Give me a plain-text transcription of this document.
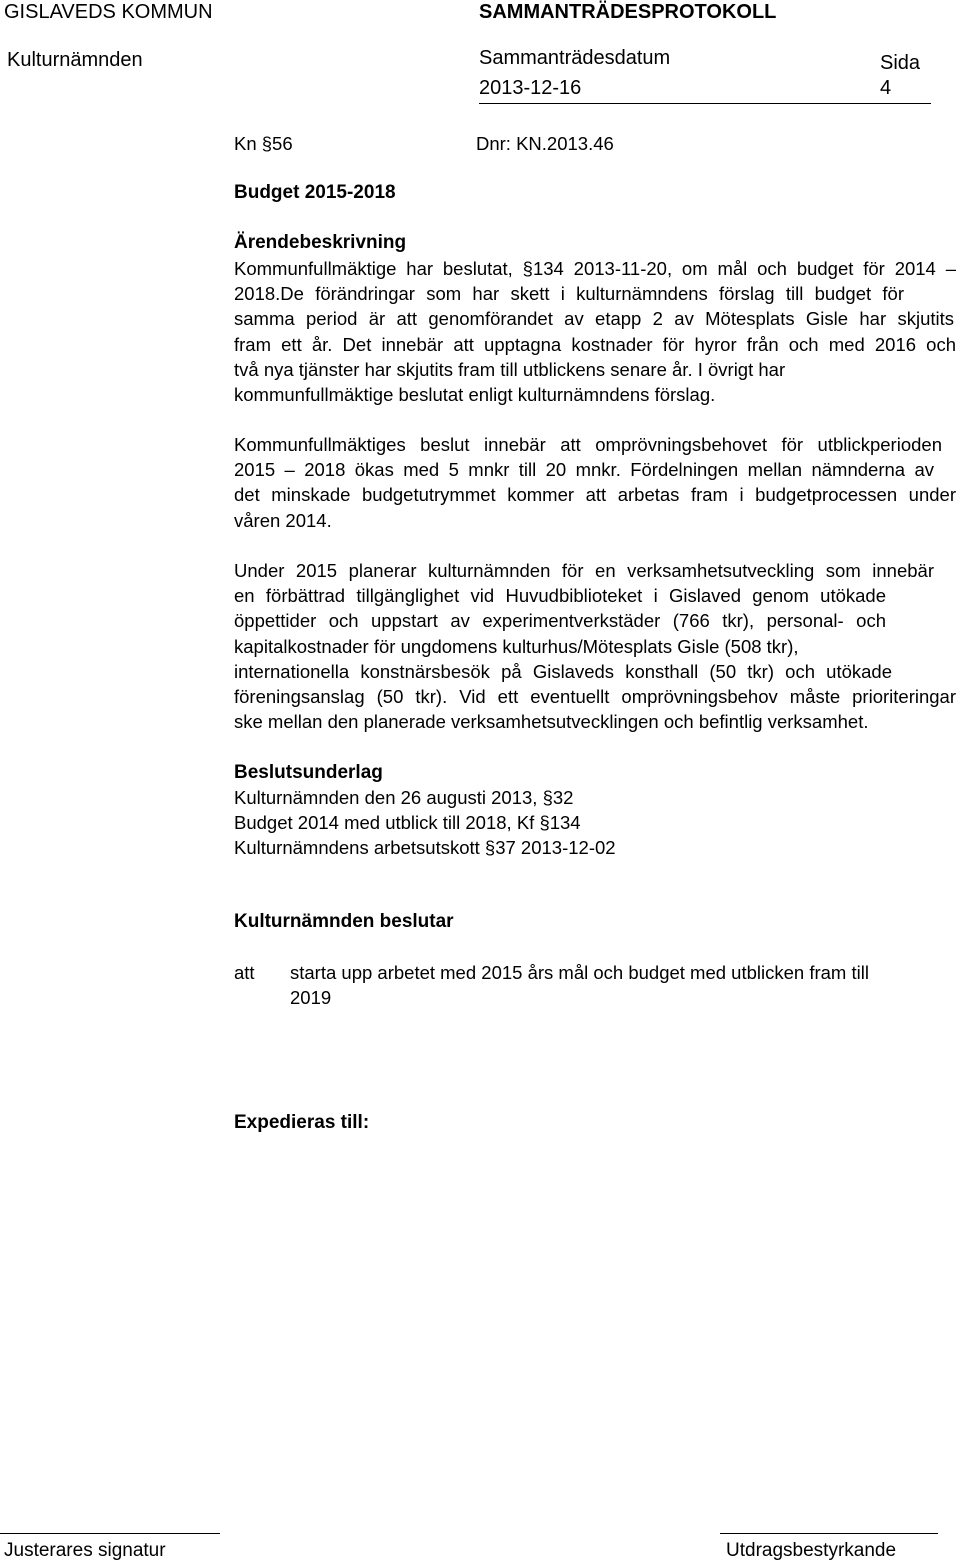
GISLAVEDS KOMMUN	SAMMANTRÄDESPROTOKOLL
Kulturnämnden	Sammanträdesdatum
2013-12-16
Sida
4
Kn §56	Dnr: KN.2013.46
Budget 2015-2018
Ärendebeskrivning
Kommunfullmäktige har beslutat, §134 2013-11-20, om mål och budget för 2014 –
2018.De förändringar som har skett i kulturnämndens förslag till budget för
samma period är att genomförandet av etapp 2 av Mötesplats Gisle har skjutits
fram ett år. Det innebär att upptagna kostnader för hyror från och med 2016 och
två nya tjänster har skjutits fram till utblickens senare år. I övrigt har
kommunfullmäktige beslutat enligt kulturnämndens förslag.
Kommunfullmäktiges beslut innebär att omprövningsbehovet för utblickperioden
2015 – 2018 ökas med 5 mnkr till 20 mnkr. Fördelningen mellan nämnderna av
det minskade budgetutrymmet kommer att arbetas fram i budgetprocessen under
våren 2014.
Under 2015 planerar kulturnämnden för en verksamhetsutveckling som innebär
en förbättrad tillgänglighet vid Huvudbiblioteket i Gislaved genom utökade
öppettider och uppstart av experimentverkstäder (766 tkr), personal- och
kapitalkostnader för ungdomens kulturhus/Mötesplats Gisle (508 tkr),
internationella konstnärsbesök på Gislaveds konsthall (50 tkr) och utökade
föreningsanslag (50 tkr). Vid ett eventuellt omprövningsbehov måste prioriteringar
ske mellan den planerade verksamhetsutvecklingen och befintlig verksamhet.
Beslutsunderlag
Kulturnämnden den 26 augusti 2013, §32
Budget 2014 med utblick till 2018, Kf §134
Kulturnämndens arbetsutskott §37 2013-12-02
Kulturnämnden beslutar
att starta upp arbetet med 2015 års mål och budget med utblicken fram till
2019
Expedieras till:
Justerares signatur	Utdragsbestyrkande
